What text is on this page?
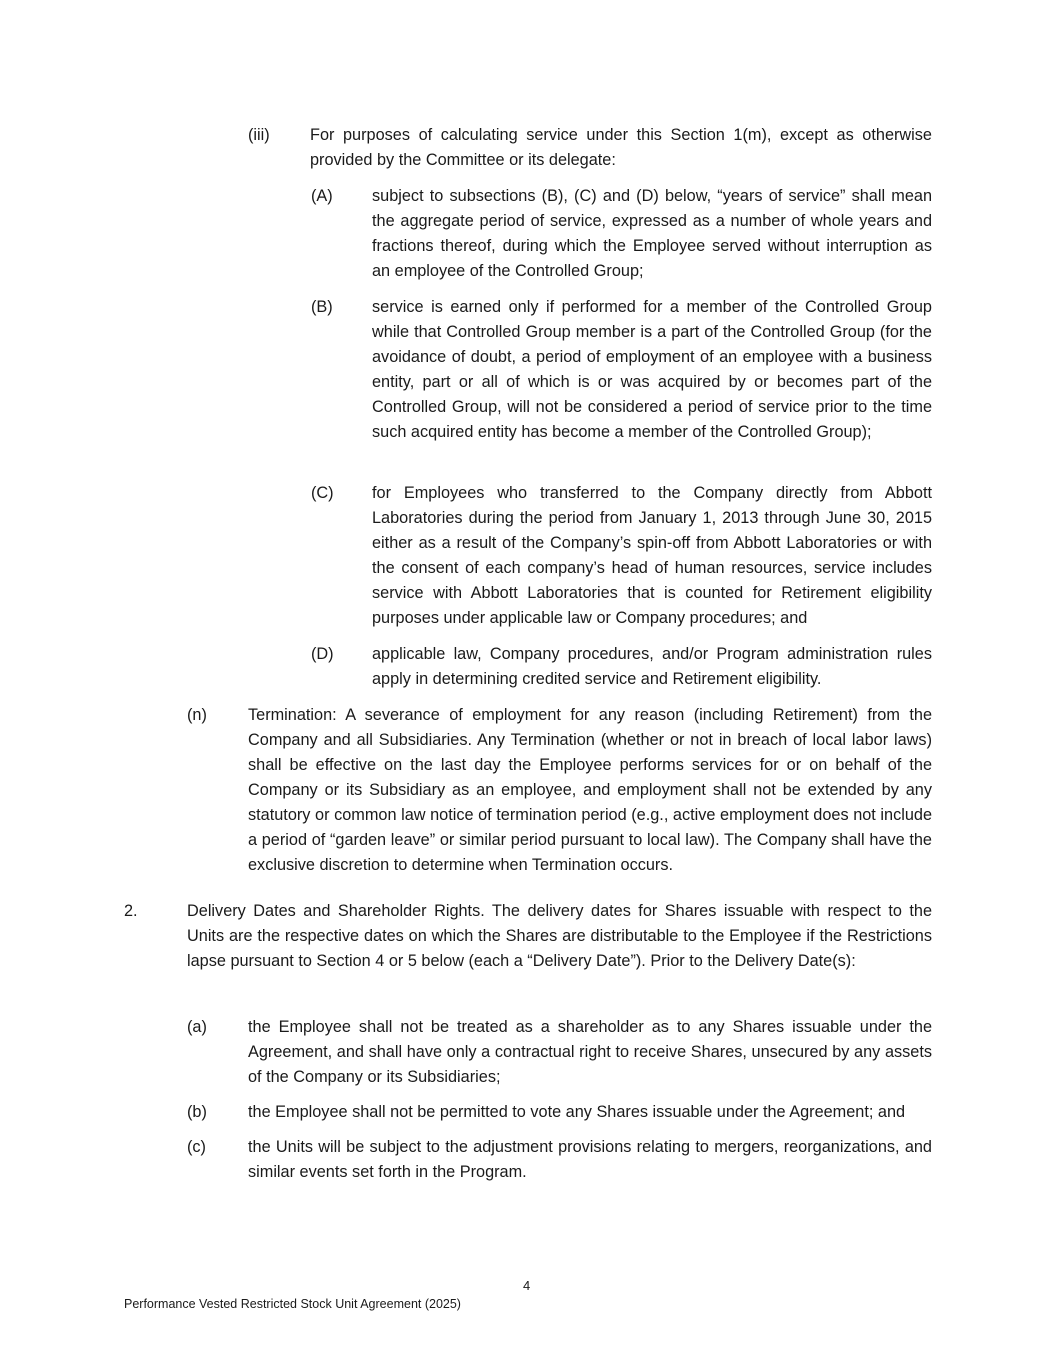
(iii) For purposes of calculating service under this Section 1(m), except as otherwise provided by the Committee or its delegate:
(A) subject to subsections (B), (C) and (D) below, “years of service” shall mean the aggregate period of service, expressed as a number of whole years and fractions thereof, during which the Employee served without interruption as an employee of the Controlled Group;
(B) service is earned only if performed for a member of the Controlled Group while that Controlled Group member is a part of the Controlled Group (for the avoidance of doubt, a period of employment of an employee with a business entity, part or all of which is or was acquired by or becomes part of the Controlled Group, will not be considered a period of service prior to the time such acquired entity has become a member of the Controlled Group);
(C) for Employees who transferred to the Company directly from Abbott Laboratories during the period from January 1, 2013 through June 30, 2015 either as a result of the Company’s spin-off from Abbott Laboratories or with the consent of each company’s head of human resources, service includes service with Abbott Laboratories that is counted for Retirement eligibility purposes under applicable law or Company procedures; and
(D) applicable law, Company procedures, and/or Program administration rules apply in determining credited service and Retirement eligibility.
(n)	Termination: A severance of employment for any reason (including Retirement) from the Company and all Subsidiaries. Any Termination (whether or not in breach of local labor laws) shall be effective on the last day the Employee performs services for or on behalf of the Company or its Subsidiary as an employee, and employment shall not be extended by any statutory or common law notice of termination period (e.g., active employment does not include a period of “garden leave” or similar period pursuant to local law). The Company shall have the exclusive discretion to determine when Termination occurs.
2.	Delivery Dates and Shareholder Rights. The delivery dates for Shares issuable with respect to the Units are the respective dates on which the Shares are distributable to the Employee if the Restrictions lapse pursuant to Section 4 or 5 below (each a “Delivery Date”). Prior to the Delivery Date(s):
(a)	the Employee shall not be treated as a shareholder as to any Shares issuable under the Agreement, and shall have only a contractual right to receive Shares, unsecured by any assets of the Company or its Subsidiaries;
(b)	the Employee shall not be permitted to vote any Shares issuable under the Agreement; and
(c)	the Units will be subject to the adjustment provisions relating to mergers, reorganizations, and similar events set forth in the Program.
4
Performance Vested Restricted Stock Unit Agreement (2025)
